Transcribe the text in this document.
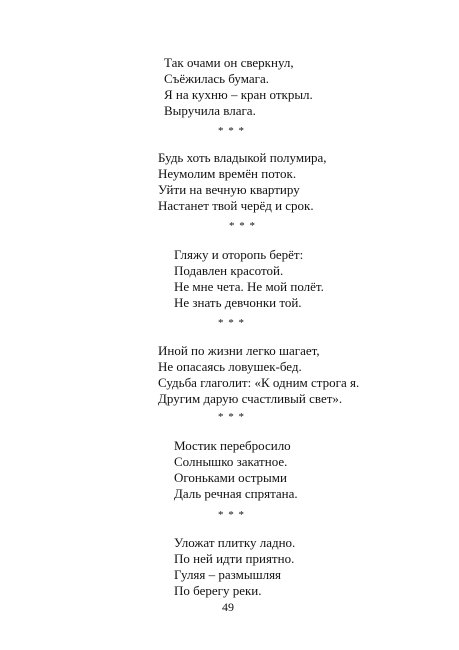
Так очами он сверкнул,
Съёжилась бумага.
Я на кухню – кран открыл.
Выручила влага.
* * *
Будь хоть владыкой полумира,
Неумолим времён поток.
Уйти на вечную квартиру
Настанет твой черёд и срок.
* * *
Гляжу и оторопь берёт:
Подавлен красотой.
Не мне чета. Не мой полёт.
Не знать девчонки той.
* * *
Иной по жизни легко шагает,
Не опасаясь ловушек-бед.
Судьба глаголит: «К одним строга я.
Другим дарую счастливый свет».
* * *
Мостик перебросило
Солнышко закатное.
Огоньками острыми
Даль речная спрятана.
* * *
Уложат плитку ладно.
По ней идти приятно.
Гуляя – размышляя
По берегу реки.
49
